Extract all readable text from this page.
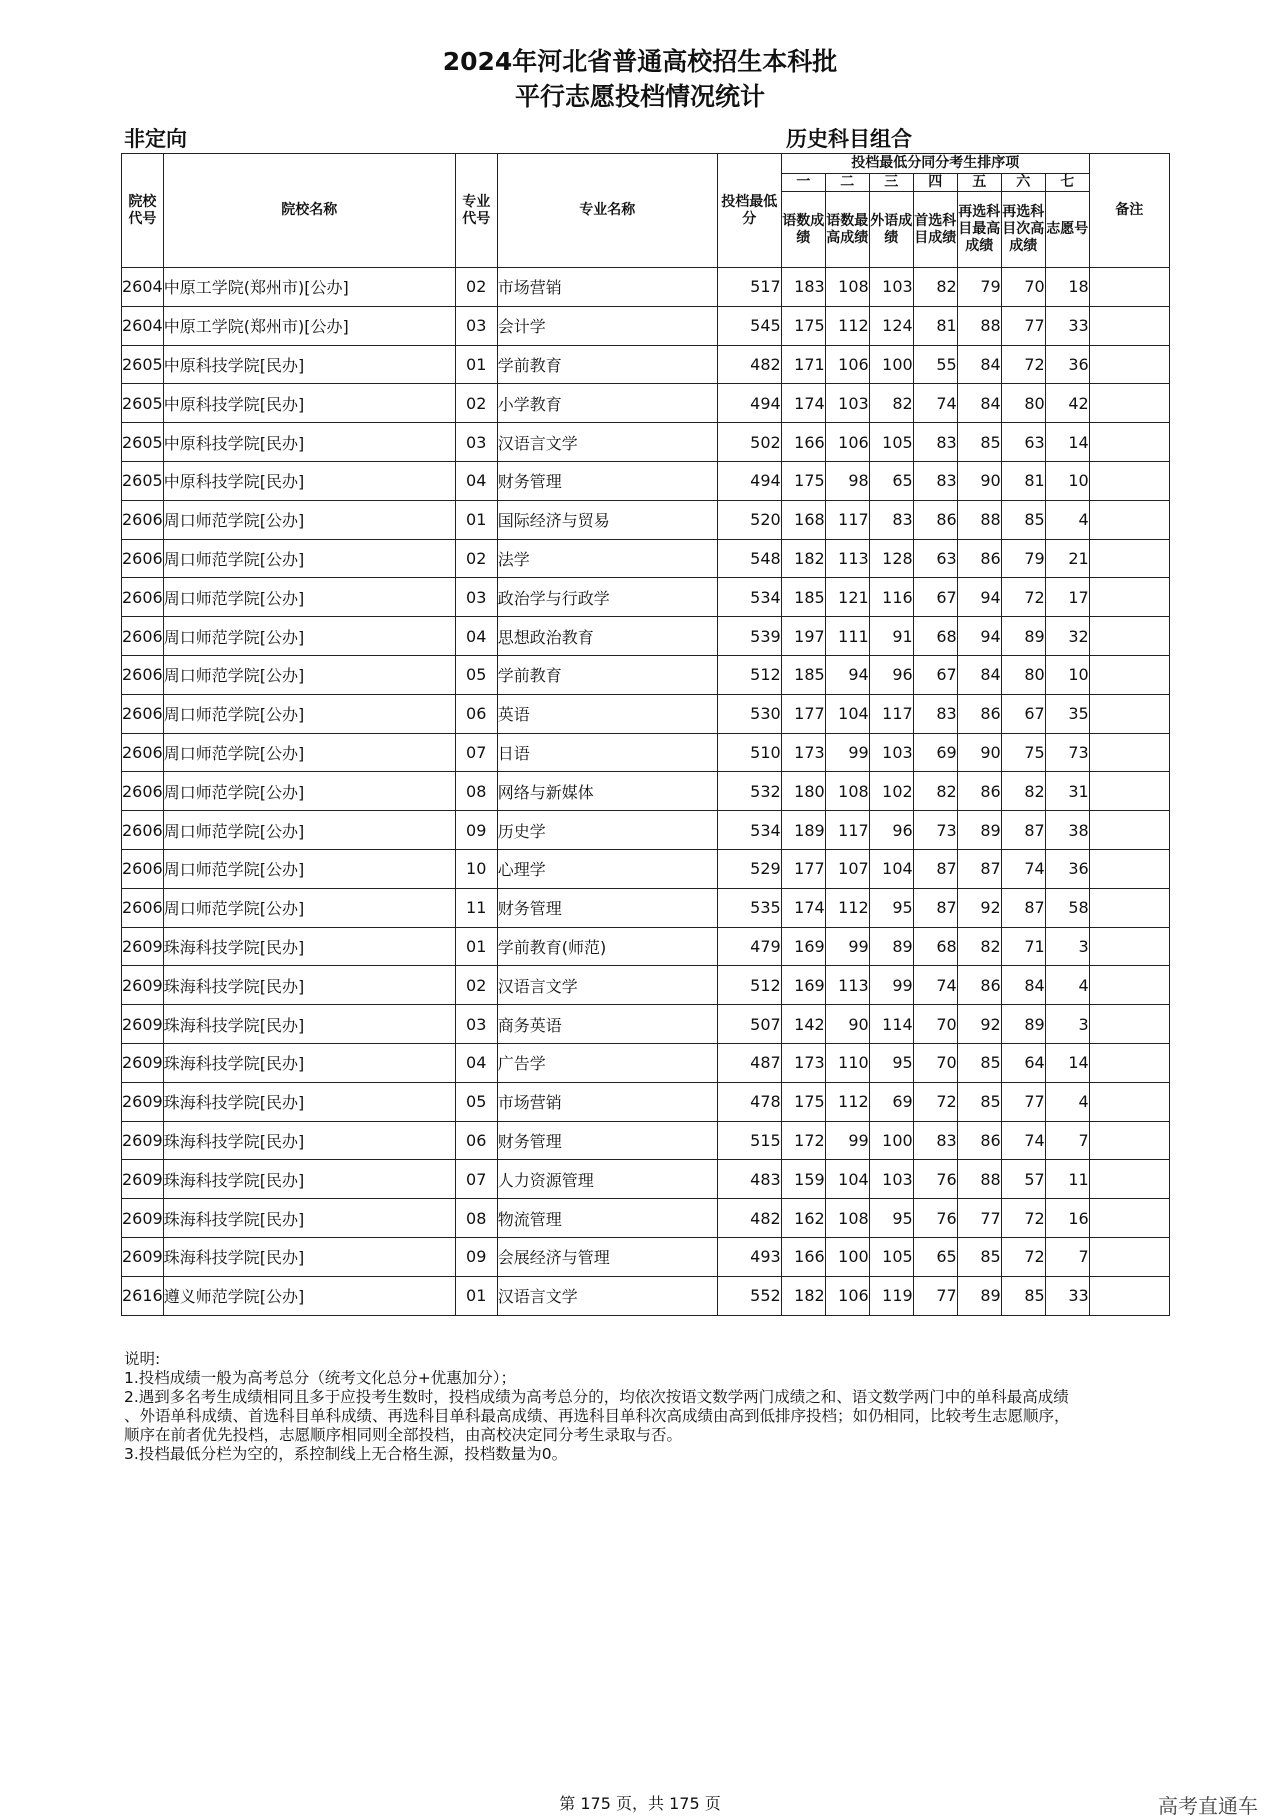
2024年河北省普通高校招生本科批
平行志愿投档情况统计
非定向	历史科目组合
院校代号	院校名称	专业代号	专业名称	投档最低分	投档最低分同分考生排序项							备注
					一	二	三	四	五	六	七	
					语数成绩	语数最高成绩	外语成绩	首选科目成绩	再选科目最高成绩	再选科目次高成绩	志愿号	
2604	中原工学院(郑州市)[公办]	02	市场营销	517	183	108	103	82	79	70	18	
2604	中原工学院(郑州市)[公办]	03	会计学	545	175	112	124	81	88	77	33	
2605	中原科技学院[民办]	01	学前教育	482	171	106	100	55	84	72	36	
2605	中原科技学院[民办]	02	小学教育	494	174	103	82	74	84	80	42	
2605	中原科技学院[民办]	03	汉语言文学	502	166	106	105	83	85	63	14	
2605	中原科技学院[民办]	04	财务管理	494	175	98	65	83	90	81	10	
2606	周口师范学院[公办]	01	国际经济与贸易	520	168	117	83	86	88	85	4	
2606	周口师范学院[公办]	02	法学	548	182	113	128	63	86	79	21	
2606	周口师范学院[公办]	03	政治学与行政学	534	185	121	116	67	94	72	17	
2606	周口师范学院[公办]	04	思想政治教育	539	197	111	91	68	94	89	32	
2606	周口师范学院[公办]	05	学前教育	512	185	94	96	67	84	80	10	
2606	周口师范学院[公办]	06	英语	530	177	104	117	83	86	67	35	
2606	周口师范学院[公办]	07	日语	510	173	99	103	69	90	75	73	
2606	周口师范学院[公办]	08	网络与新媒体	532	180	108	102	82	86	82	31	
2606	周口师范学院[公办]	09	历史学	534	189	117	96	73	89	87	38	
2606	周口师范学院[公办]	10	心理学	529	177	107	104	87	87	74	36	
2606	周口师范学院[公办]	11	财务管理	535	174	112	95	87	92	87	58	
2609	珠海科技学院[民办]	01	学前教育(师范)	479	169	99	89	68	82	71	3	
2609	珠海科技学院[民办]	02	汉语言文学	512	169	113	99	74	86	84	4	
2609	珠海科技学院[民办]	03	商务英语	507	142	90	114	70	92	89	3	
2609	珠海科技学院[民办]	04	广告学	487	173	110	95	70	85	64	14	
2609	珠海科技学院[民办]	05	市场营销	478	175	112	69	72	85	77	4	
2609	珠海科技学院[民办]	06	财务管理	515	172	99	100	83	86	74	7	
2609	珠海科技学院[民办]	07	人力资源管理	483	159	104	103	76	88	57	11	
2609	珠海科技学院[民办]	08	物流管理	482	162	108	95	76	77	72	16	
2609	珠海科技学院[民办]	09	会展经济与管理	493	166	100	105	65	85	72	7	
2616	遵义师范学院[公办]	01	汉语言文学	552	182	106	119	77	89	85	33	
说明:
1.投档成绩一般为高考总分（统考文化总分+优惠加分）；
2.遇到多名考生成绩相同且多于应投考生数时，投档成绩为高考总分的，均依次按语文数学两门成绩之和、语文数学两门中的单科最高成绩
、外语单科成绩、首选科目单科成绩、再选科目单科最高成绩、再选科目单科次高成绩由高到低排序投档；如仍相同，比较考生志愿顺序，
顺序在前者优先投档，志愿顺序相同则全部投档，由高校决定同分考生录取与否。
3.投档最低分栏为空的，系控制线上无合格生源，投档数量为0。
第 175 页，共 175 页	高考直通车
